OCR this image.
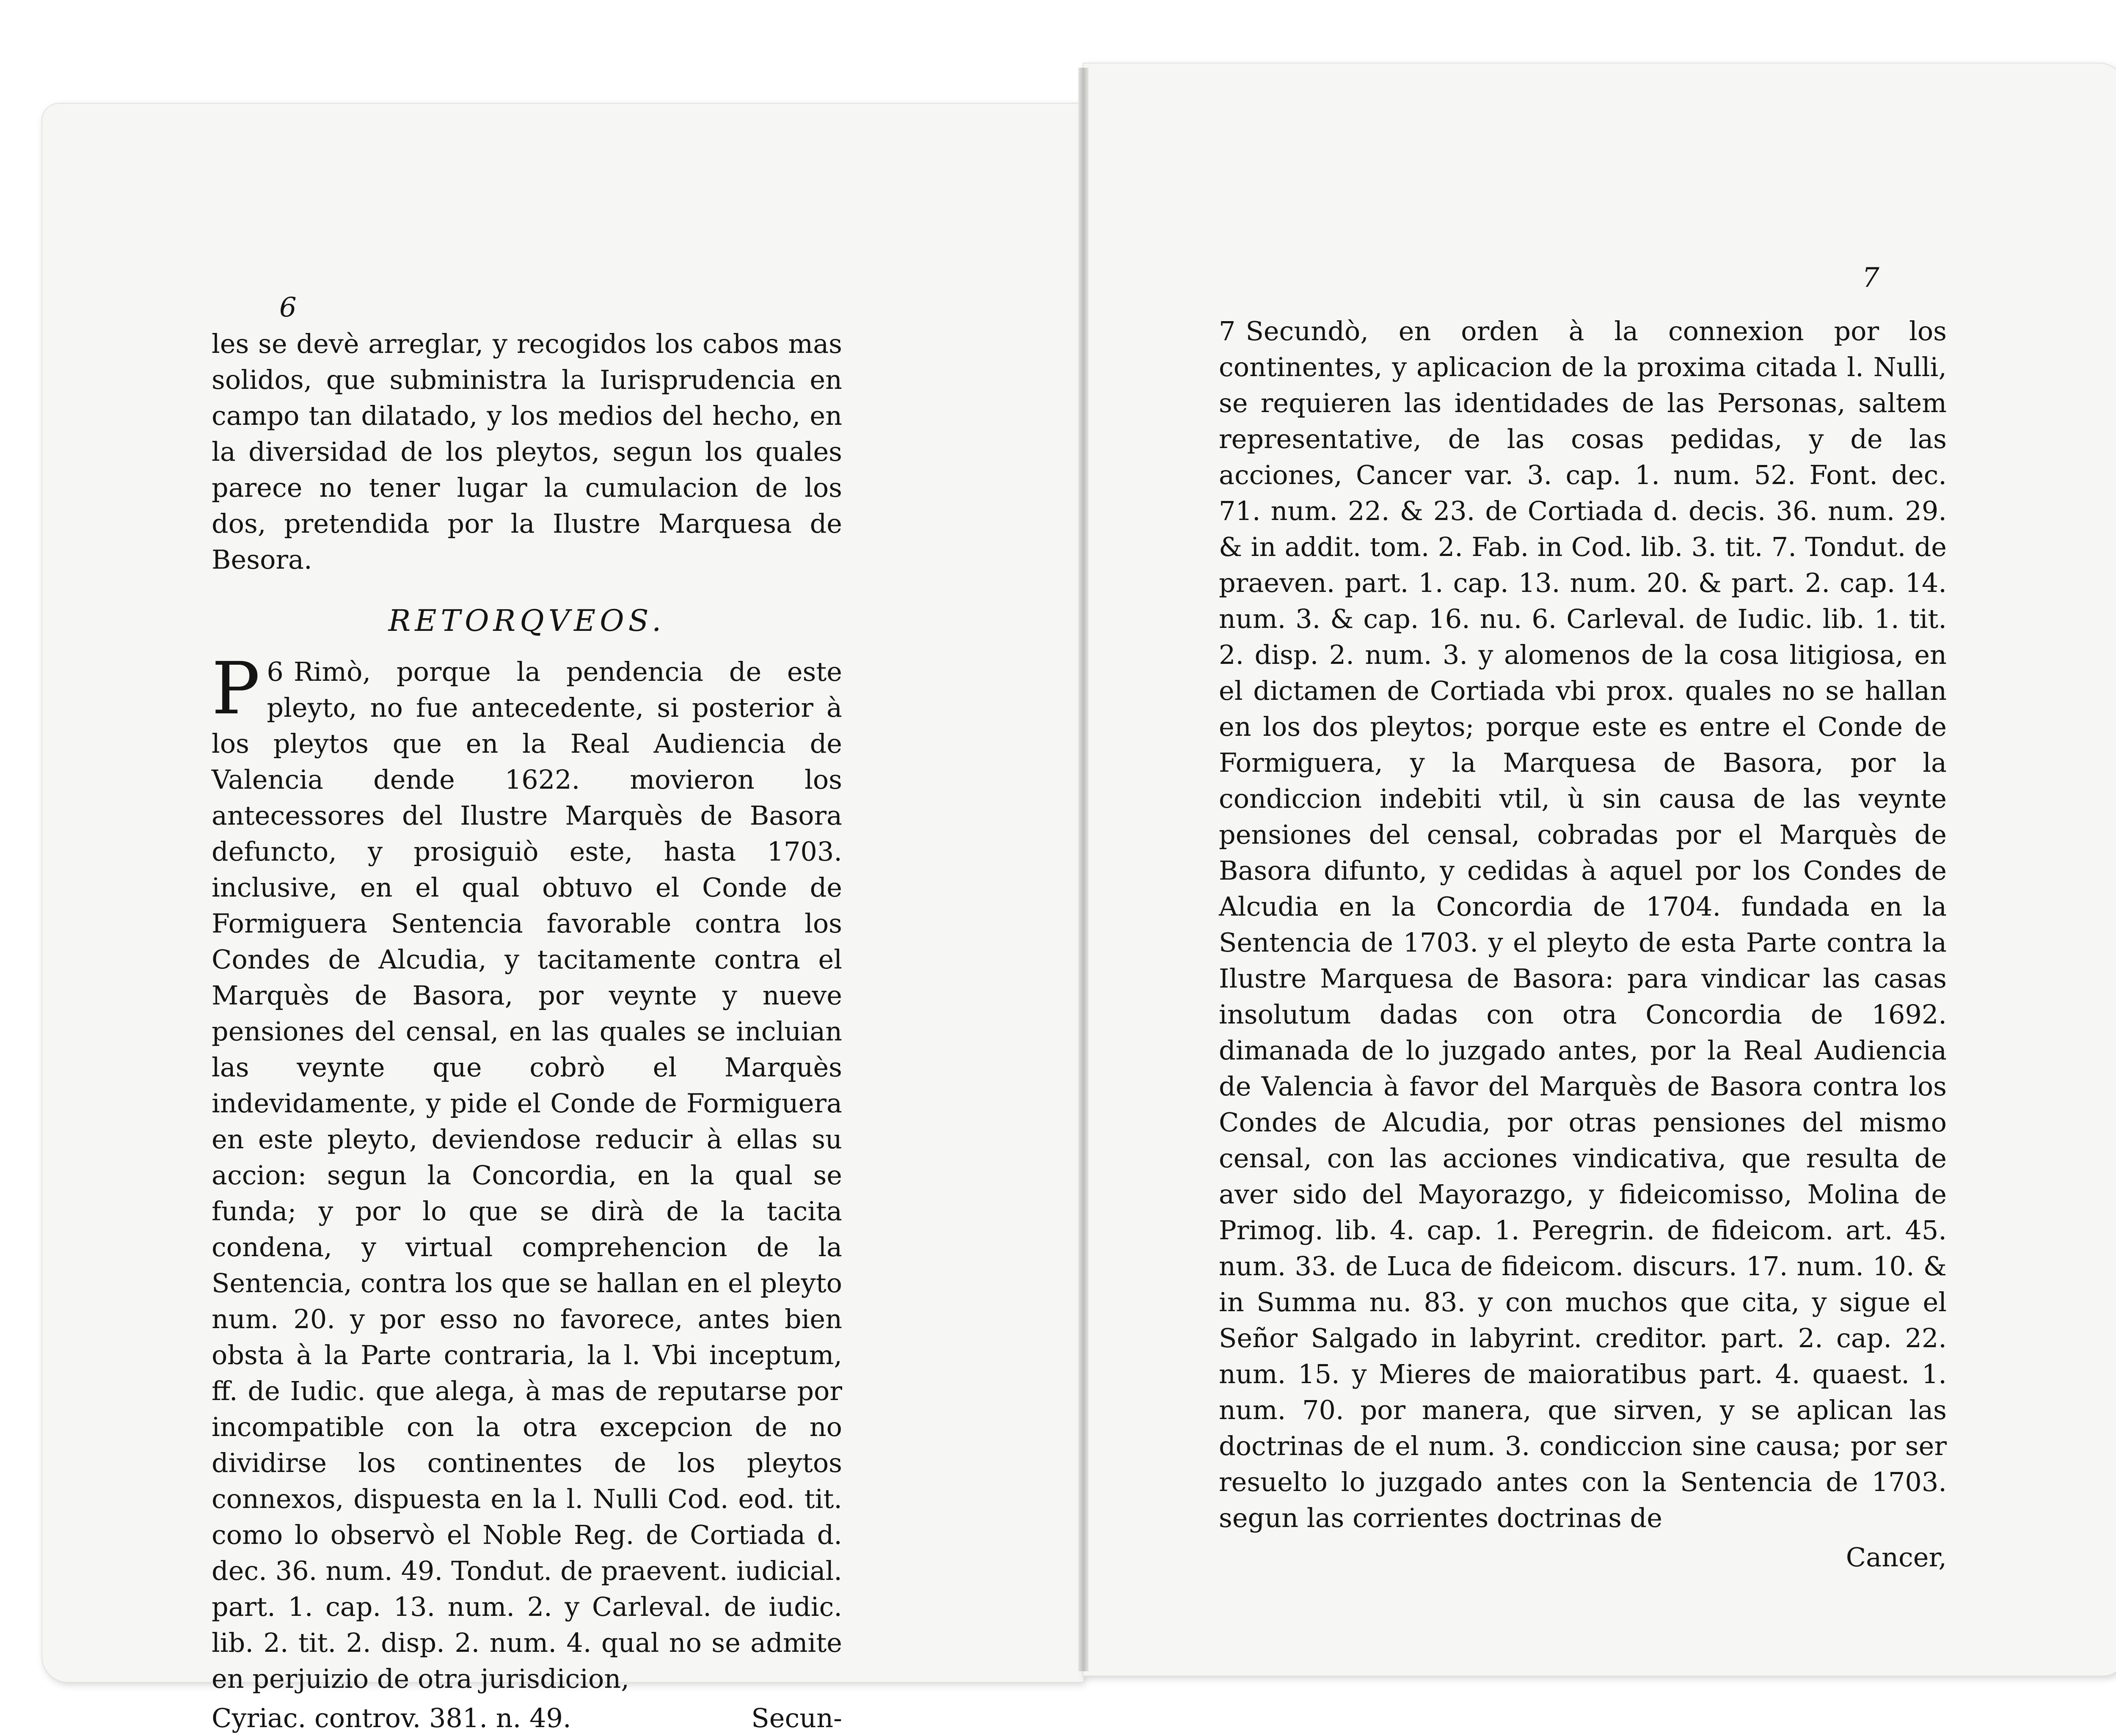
6

les se devè arreglar, y recogidos los cabos mas solidos, que subministra la Iurisprudencia en campo tan dilatado, y los medios del hecho, en la diversidad de los pleytos, segun los quales parece no tener lugar la cumulacion de los dos, pretendida por la Ilustre Marquesa de Besora.

RETORQVEOS.

6
P Rimò, porque la pendencia de este pleyto, no fue antecedente, si posterior à los pleytos que en la Real Audiencia de Valencia dende 1622. movieron los antecessores del Ilustre Marquès de Basora defuncto, y prosiguiò este, hasta 1703. inclusive, en el qual obtuvo el Conde de Formiguera Sentencia favorable contra los Condes de Alcudia, y tacitamente contra el Marquès de Basora, por veynte y nueve pensiones del censal, en las quales se incluian las veynte que cobrò el Marquès indevidamente, y pide el Conde de Formiguera en este pleyto, deviendose reducir à ellas su accion: segun la Concordia, en la qual se funda; y por lo que se dirà de la tacita condena, y virtual comprehencion de la Sentencia, contra los que se hallan en el pleyto num. 20. y por esso no favorece, antes bien obsta à la Parte contraria, la l. Vbi inceptum, ff. de Iudic. que alega, à mas de reputarse por incompatible con la otra excepcion de no dividirse los continentes de los pleytos connexos, dispuesta en la l. Nulli Cod. eod. tit. como lo observò el Noble Reg. de Cortiada d. dec. 36. num. 49. Tondut. de praevent. iudicial. part. 1. cap. 13. num. 2. y Carleval. de iudic. lib. 2. tit. 2. disp. 2. num. 4. qual no se admite en perjuizio de otra jurisdicion,

Cyriac. controv. 381. n. 49.	Secun-
7

7 Secundò, en orden à la connexion por los continentes, y aplicacion de la proxima citada l. Nulli, se requieren las identidades de las Personas, saltem representative, de las cosas pedidas, y de las acciones, Cancer var. 3. cap. 1. num. 52. Font. dec. 71. num. 22. & 23. de Cortiada d. decis. 36. num. 29. & in addit. tom. 2. Fab. in Cod. lib. 3. tit. 7. Tondut. de praeven. part. 1. cap. 13. num. 20. & part. 2. cap. 14. num. 3. & cap. 16. nu. 6. Carleval. de Iudic. lib. 1. tit. 2. disp. 2. num. 3. y alomenos de la cosa litigiosa, en el dictamen de Cortiada vbi prox. quales no se hallan en los dos pleytos; porque este es entre el Conde de Formiguera, y la Marquesa de Basora, por la condiccion indebiti vtil, ù sin causa de las veynte pensiones del censal, cobradas por el Marquès de Basora difunto, y cedidas à aquel por los Condes de Alcudia en la Concordia de 1704. fundada en la Sentencia de 1703. y el pleyto de esta Parte contra la Ilustre Marquesa de Basora: para vindicar las casas insolutum dadas con otra Concordia de 1692. dimanada de lo juzgado antes, por la Real Audiencia de Valencia à favor del Marquès de Basora contra los Condes de Alcudia, por otras pensiones del mismo censal, con las acciones vindicativa, que resulta de aver sido del Mayorazgo, y fideicomisso, Molina de Primog. lib. 4. cap. 1. Peregrin. de fideicom. art. 45. num. 33. de Luca de fideicom. discurs. 17. num. 10. & in Summa nu. 83. y con muchos que cita, y sigue el Señor Salgado in labyrint. creditor. part. 2. cap. 22. num. 15. y Mieres de maioratibus part. 4. quaest. 1. num. 70. por manera, que sirven, y se aplican las doctrinas de el num. 3. condiccion sine causa; por ser resuelto lo juzgado antes con la Sentencia de 1703. segun las corrientes doctrinas de

Cancer,
